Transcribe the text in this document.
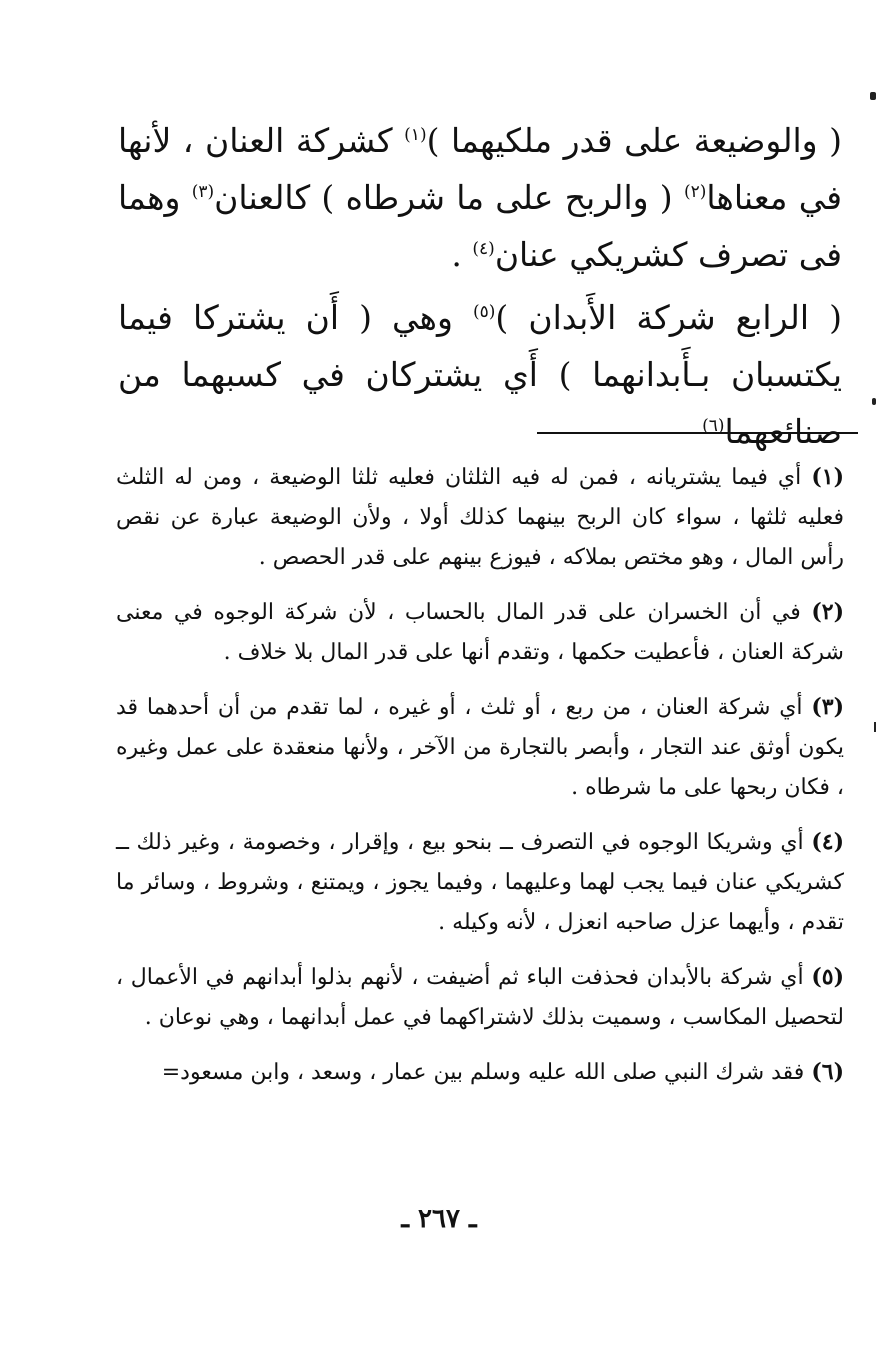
( والوضيعة على قدر ملكيهما )$^{(١)}$ كشركة العنان ، لأنها في معناها$^{(٢)}$ ( والربح على ما شرطاه ) كالعنان$^{(٣)}$ وهما فى تصرف كشريكي عنان$^{(٤)}$ .

( الرابع شركة الأَبدان )$^{(٥)}$ وهي ( أَن يشتركا فيما يكتسبان بـأَبدانهما ) أَي يشتركان في كسبهما من صنائعهما$^{(٦)}$

(١) أي فيما يشتريانه ، فمن له فيه الثلثان فعليه ثلثا الوضيعة ، ومن له الثلث فعليه ثلثها ، سواء كان الربح بينهما كذلك أولا ، ولأن الوضيعة عبارة عن نقص رأس المال ، وهو مختص بملاكه ، فيوزع بينهم على قدر الحصص .

(٢) في أن الخسران على قدر المال بالحساب ، لأن شركة الوجوه في معنى شركة العنان ، فأعطيت حكمها ، وتقدم أنها على قدر المال بلا خلاف .

(٣) أي شركة العنان ، من ربع ، أو ثلث ، أو غيره ، لما تقدم من أن أحدهما قد يكون أوثق عند التجار ، وأبصر بالتجارة من الآخر ، ولأنها منعقدة على عمل وغيره ، فكان ربحها على ما شرطاه .

(٤) أي وشريكا الوجوه في التصرف ــ بنحو بيع ، وإقرار ، وخصومة ، وغير ذلك ــ كشريكي عنان فيما يجب لهما وعليهما ، وفيما يجوز ، ويمتنع ، وشروط ، وسائر ما تقدم ، وأيهما عزل صاحبه انعزل ، لأنه وكيله .

(٥) أي شركة بالأبدان فحذفت الباء ثم أضيفت ، لأنهم بذلوا أبدانهم في الأعمال ، لتحصيل المكاسب ، وسميت بذلك لاشتراكهما في عمل أبدانهما ، وهي نوعان .

(٦) فقد شرك النبي صلى الله عليه وسلم بين عمار ، وسعد ، وابن مسعود=

ـ ٢٦٧ ـ
